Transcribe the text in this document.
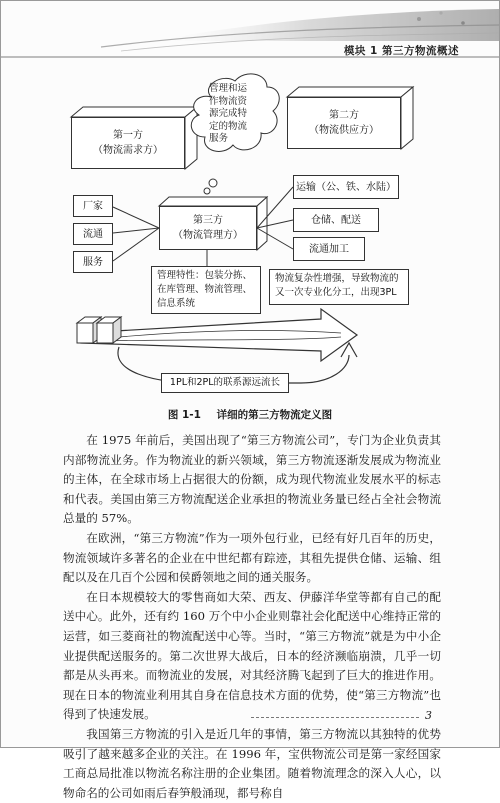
模块 1 第三方物流概述
第一方
（物流需求方）
管理和运
作物流资
源完成特
定的物流
服务
第二方
（物流供应方）
厂家
流通
服务
第三方
（物流管理方）
运输（公、铁、水陆）
仓储、配送
流通加工
管理特性：包装分拣、
在库管理、物流管理、
信息系统
物流复杂性增强，导致物流的
又一次专业化分工，出现3PL
1PL和2PL的联系源远流长
图 1-1 详细的第三方物流定义图

在 1975 年前后，美国出现了“第三方物流公司”，专门为企业负责其内部物流业务。作为物流业的新兴领域，第三方物流逐渐发展成为物流业的主体，在全球市场上占据很大的份额，成为现代物流业发展水平的标志和代表。美国由第三方物流配送企业承担的物流业务量已经占全社会物流总量的 57%。

在欧洲，“第三方物流”作为一项外包行业，已经有好几百年的历史，物流领域许多著名的企业在中世纪都有踪迹，其租先提供仓储、运输、组配以及在几百个公园和侯爵领地之间的通关服务。

在日本规模较大的零售商如大荣、西友、伊藤洋华堂等都有自己的配送中心。此外，还有约 160 万个中小企业则靠社会化配送中心维持正常的运营，如三菱商社的物流配送中心等。当时，“第三方物流”就是为中小企业提供配送服务的。第二次世界大战后，日本的经济濒临崩溃，几乎一切都是从头再来。而物流业的发展，对其经济腾飞起到了巨大的推进作用。现在日本的物流业利用其自身在信息技术方面的优势，使“第三方物流”也得到了快速发展。

我国第三方物流的引入是近几年的事情，第三方物流以其独特的优势吸引了越来越多企业的关注。在 1996 年，宝供物流公司是第一家经国家工商总局批准以物流名称注册的企业集团。随着物流理念的深入人心，以物命名的公司如雨后春笋般涌现，都号称自

3
